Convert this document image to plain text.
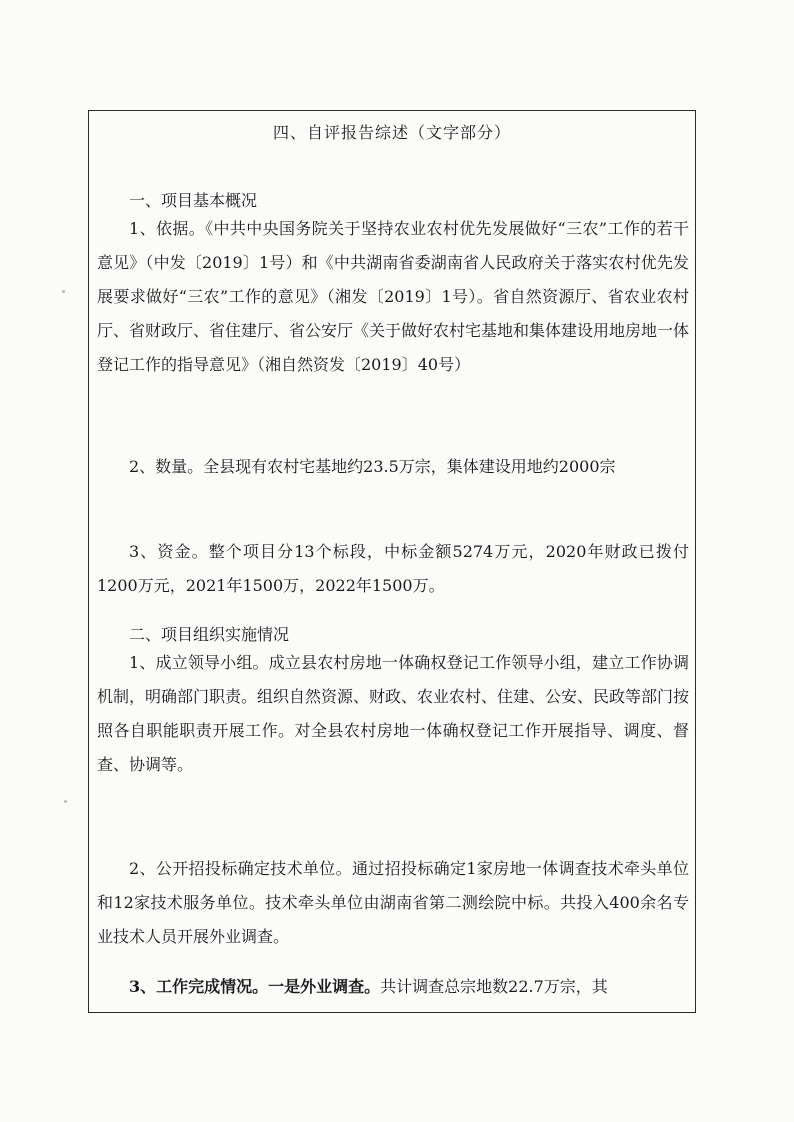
四、自评报告综述（文字部分）

一、项目基本概况

1、依据。《中共中央国务院关于坚持农业农村优先发展做好“三农”工作的若干意见》（中发〔2019〕1号）和《中共湖南省委湖南省人民政府关于落实农村优先发展要求做好“三农”工作的意见》（湘发〔2019〕1号）。省自然资源厅、省农业农村厅、省财政厅、省住建厅、省公安厅《关于做好农村宅基地和集体建设用地房地一体登记工作的指导意见》（湘自然资发〔2019〕40号）

2、数量。全县现有农村宅基地约23.5万宗，集体建设用地约2000宗

3、资金。整个项目分13个标段，中标金额5274万元，2020年财政已拨付1200万元，2021年1500万，2022年1500万。

二、项目组织实施情况

1、成立领导小组。成立县农村房地一体确权登记工作领导小组，建立工作协调机制，明确部门职责。组织自然资源、财政、农业农村、住建、公安、民政等部门按照各自职能职责开展工作。对全县农村房地一体确权登记工作开展指导、调度、督查、协调等。

2、公开招投标确定技术单位。通过招投标确定1家房地一体调查技术牵头单位和12家技术服务单位。技术牵头单位由湖南省第二测绘院中标。共投入400余名专业技术人员开展外业调查。

3、工作完成情况。一是外业调查。共计调查总宗地数22.7万宗，其
